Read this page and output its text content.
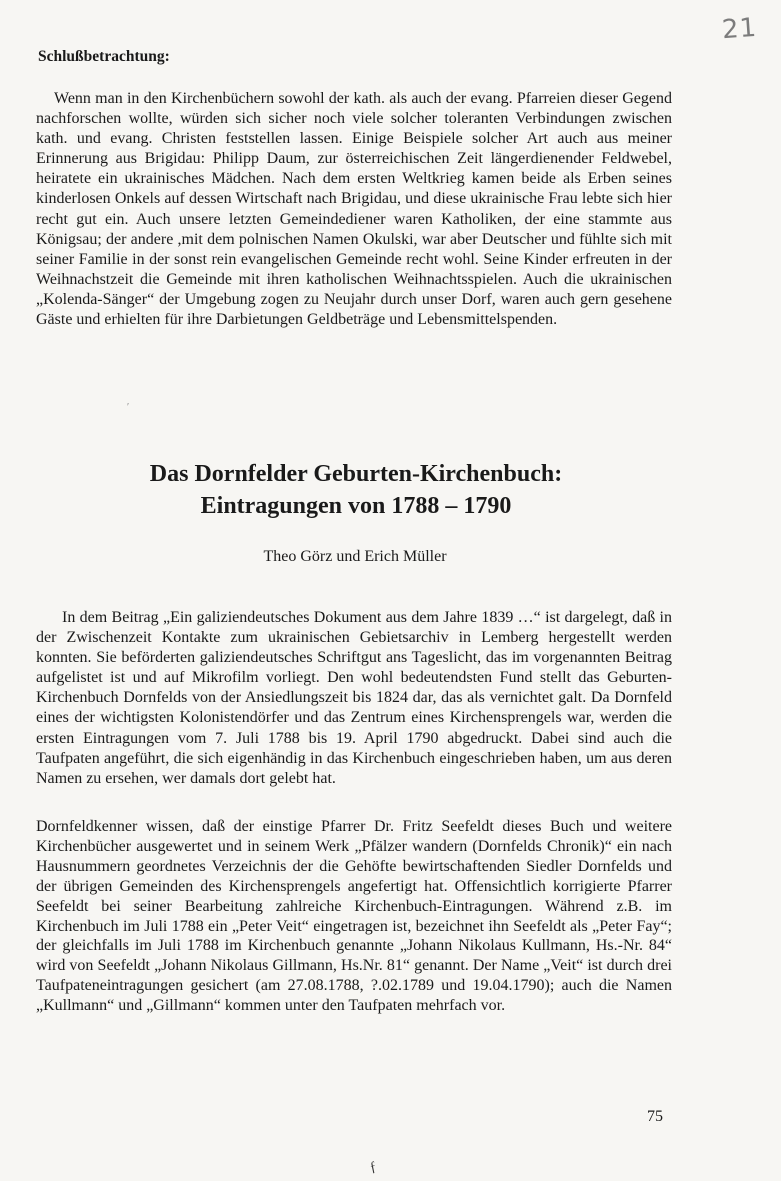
21
Schlußbetrachtung:

Wenn man in den Kirchenbüchern sowohl der kath. als auch der evang. Pfarreien dieser Gegend nachforschen wollte, würden sich sicher noch viele solcher toleranten Verbindungen zwischen kath. und evang. Christen feststellen lassen. Einige Beispiele solcher Art auch aus meiner Erinnerung aus Brigidau: Philipp Daum, zur österreichischen Zeit längerdienender Feldwebel, heiratete ein ukrainisches Mädchen. Nach dem ersten Weltkrieg kamen beide als Erben seines kinderlosen Onkels auf dessen Wirtschaft nach Brigidau, und diese ukrainische Frau lebte sich hier recht gut ein. Auch unsere letzten Gemeindediener waren Katholiken, der eine stammte aus Königsau; der andere ,mit dem polnischen Namen Okulski, war aber Deutscher und fühlte sich mit seiner Familie in der sonst rein evangelischen Gemeinde recht wohl. Seine Kinder erfreuten in der Weihnachstzeit die Gemeinde mit ihren katholischen Weihnachtsspielen. Auch die ukrainischen „Kolenda-Sänger“ der Umgebung zogen zu Neujahr durch unser Dorf, waren auch gern gesehene Gäste und erhielten für ihre Darbietungen Geldbeträge und Lebensmittelspenden.

′
Das Dornfelder Geburten-Kirchenbuch:
Eintragungen von 1788 – 1790

Theo Görz und Erich Müller

In dem Beitrag „Ein galiziendeutsches Dokument aus dem Jahre 1839 …“ ist dargelegt, daß in der Zwischenzeit Kontakte zum ukrainischen Gebietsarchiv in Lemberg hergestellt werden konnten. Sie beförderten galiziendeutsches Schriftgut ans Tageslicht, das im vorgenannten Beitrag aufgelistet ist und auf Mikrofilm vorliegt. Den wohl bedeutendsten Fund stellt das Geburten-Kirchenbuch Dornfelds von der Ansiedlungszeit bis 1824 dar, das als vernichtet galt. Da Dornfeld eines der wichtigsten Kolonistendörfer und das Zentrum eines Kirchensprengels war, werden die ersten Eintragungen vom 7. Juli 1788 bis 19. April 1790 abgedruckt. Dabei sind auch die Taufpaten angeführt, die sich eigenhändig in das Kirchenbuch eingeschrieben haben, um aus deren Namen zu ersehen, wer damals dort gelebt hat.

Dornfeldkenner wissen, daß der einstige Pfarrer Dr. Fritz Seefeldt dieses Buch und weitere Kirchenbücher ausgewertet und in seinem Werk „Pfälzer wandern (Dornfelds Chronik)“ ein nach Hausnummern geordnetes Verzeichnis der die Gehöfte bewirtschaftenden Siedler Dornfelds und der übrigen Gemeinden des Kirchensprengels angefertigt hat. Offensichtlich korrigierte Pfarrer Seefeldt bei seiner Bearbeitung zahlreiche Kirchenbuch-Eintragungen. Während z.B. im Kirchenbuch im Juli 1788 ein „Peter Veit“ eingetragen ist, bezeichnet ihn Seefeldt als „Peter Fay“; der gleichfalls im Juli 1788 im Kirchenbuch genannte „Johann Nikolaus Kullmann, Hs.-Nr. 84“ wird von Seefeldt „Johann Nikolaus Gillmann, Hs.Nr. 81“ genannt. Der Name „Veit“ ist durch drei Taufpateneintragungen gesichert (am 27.08.1788, ?.02.1789 und 19.04.1790); auch die Namen „Kullmann“ und „Gillmann“ kommen unter den Taufpaten mehrfach vor.

75

ƒ
